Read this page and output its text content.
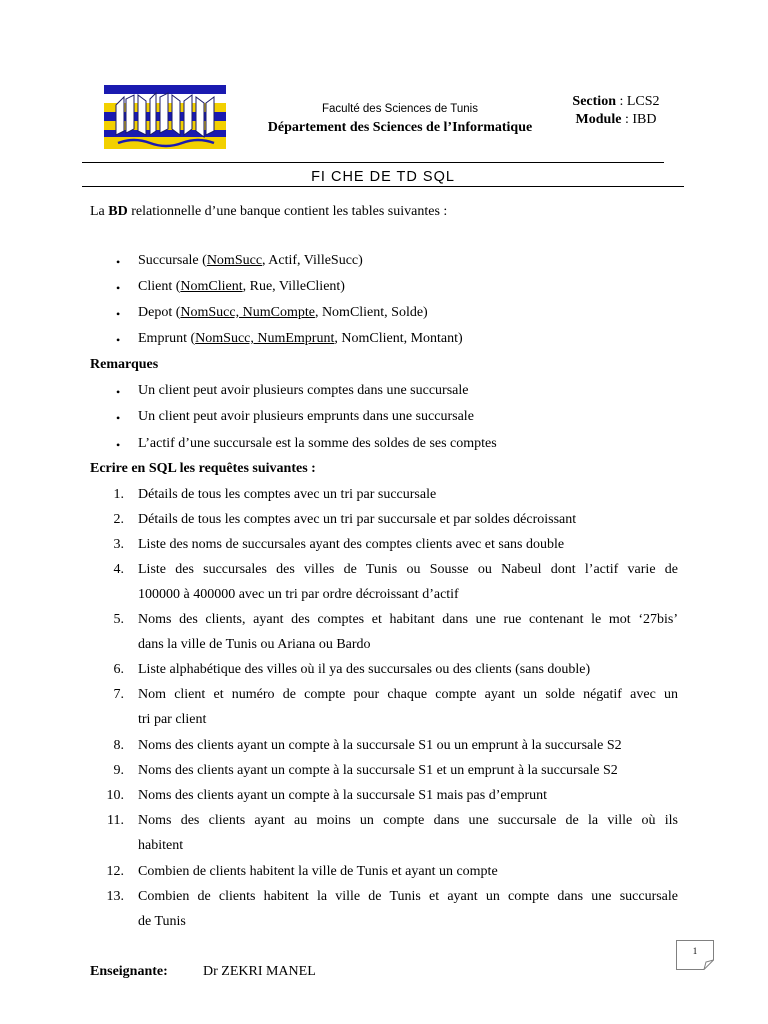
Faculté des Sciences de Tunis
Département des Sciences de l’Informatique
Section : LCS2
Module : IBD
FI CHE DE TD SQL
La BD relationnelle d’une banque contient les tables suivantes :
• Succursale (NomSucc, Actif, VilleSucc)
• Client (NomClient, Rue, VilleClient)
• Depot (NomSucc, NumCompte, NomClient, Solde)
• Emprunt (NomSucc, NumEmprunt, NomClient, Montant)
Remarques
• Un client peut avoir plusieurs comptes dans une succursale
• Un client peut avoir plusieurs emprunts dans une succursale
• L’actif d’une succursale est la somme des soldes de ses comptes
Ecrire en SQL les requêtes suivantes :
1. Détails de tous les comptes avec un tri par succursale
2. Détails de tous les comptes avec un tri par succursale et par soldes décroissant
3. Liste des noms de succursales ayant des comptes clients avec et sans double
4. Liste des succursales des villes de Tunis ou Sousse ou Nabeul dont l’actif varie de
100000 à 400000 avec un tri par ordre décroissant d’actif
5. Noms des clients, ayant des comptes et habitant dans une rue contenant le mot ‘27bis’
dans la ville de Tunis ou Ariana ou Bardo
6. Liste alphabétique des villes où il ya des succursales ou des clients (sans double)
7. Nom client et numéro de compte pour chaque compte ayant un solde négatif avec un
tri par client
8. Noms des clients ayant un compte à la succursale S1 ou un emprunt à la succursale S2
9. Noms des clients ayant un compte à la succursale S1 et un emprunt à la succursale S2
10. Noms des clients ayant un compte à la succursale S1 mais pas d’emprunt
11. Noms des clients ayant au moins un compte dans une succursale de la ville où ils
habitent
12. Combien de clients habitent la ville de Tunis et ayant un compte
13. Combien de clients habitent la ville de Tunis et ayant un compte dans une succursale
de Tunis
1
Enseignante:	Dr ZEKRI MANEL
